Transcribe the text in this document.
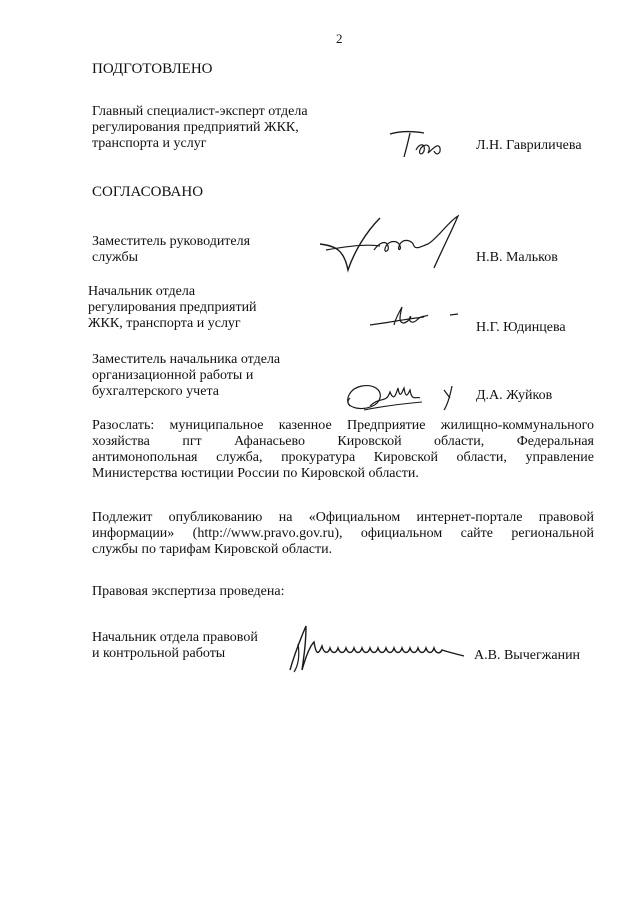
2
ПОДГОТОВЛЕНО
Главный специалист-эксперт отдела
регулирования предприятий ЖКК,
транспорта и услуг	Л.Н. Гавриличева
СОГЛАСОВАНО
Заместитель руководителя
службы	Н.В. Мальков
Начальник отдела
регулирования предприятий
ЖКК, транспорта и услуг	Н.Г. Юдинцева
Заместитель начальника отдела
организационной работы и
бухгалтерского учета	Д.А. Жуйков
Разослать: муниципальное казенное Предприятие жилищно-коммунального
хозяйства пгт Афанасьево Кировской области, Федеральная
антимонопольная служба, прокуратура Кировской области, управление
Министерства юстиции России по Кировской области.
Подлежит опубликованию на «Официальном интернет-портале правовой
информации» (http://www.pravo.gov.ru), официальном сайте региональной
службы по тарифам Кировской области.
Правовая экспертиза проведена:
Начальник отдела правовой
и контрольной работы	А.В. Вычегжанин
